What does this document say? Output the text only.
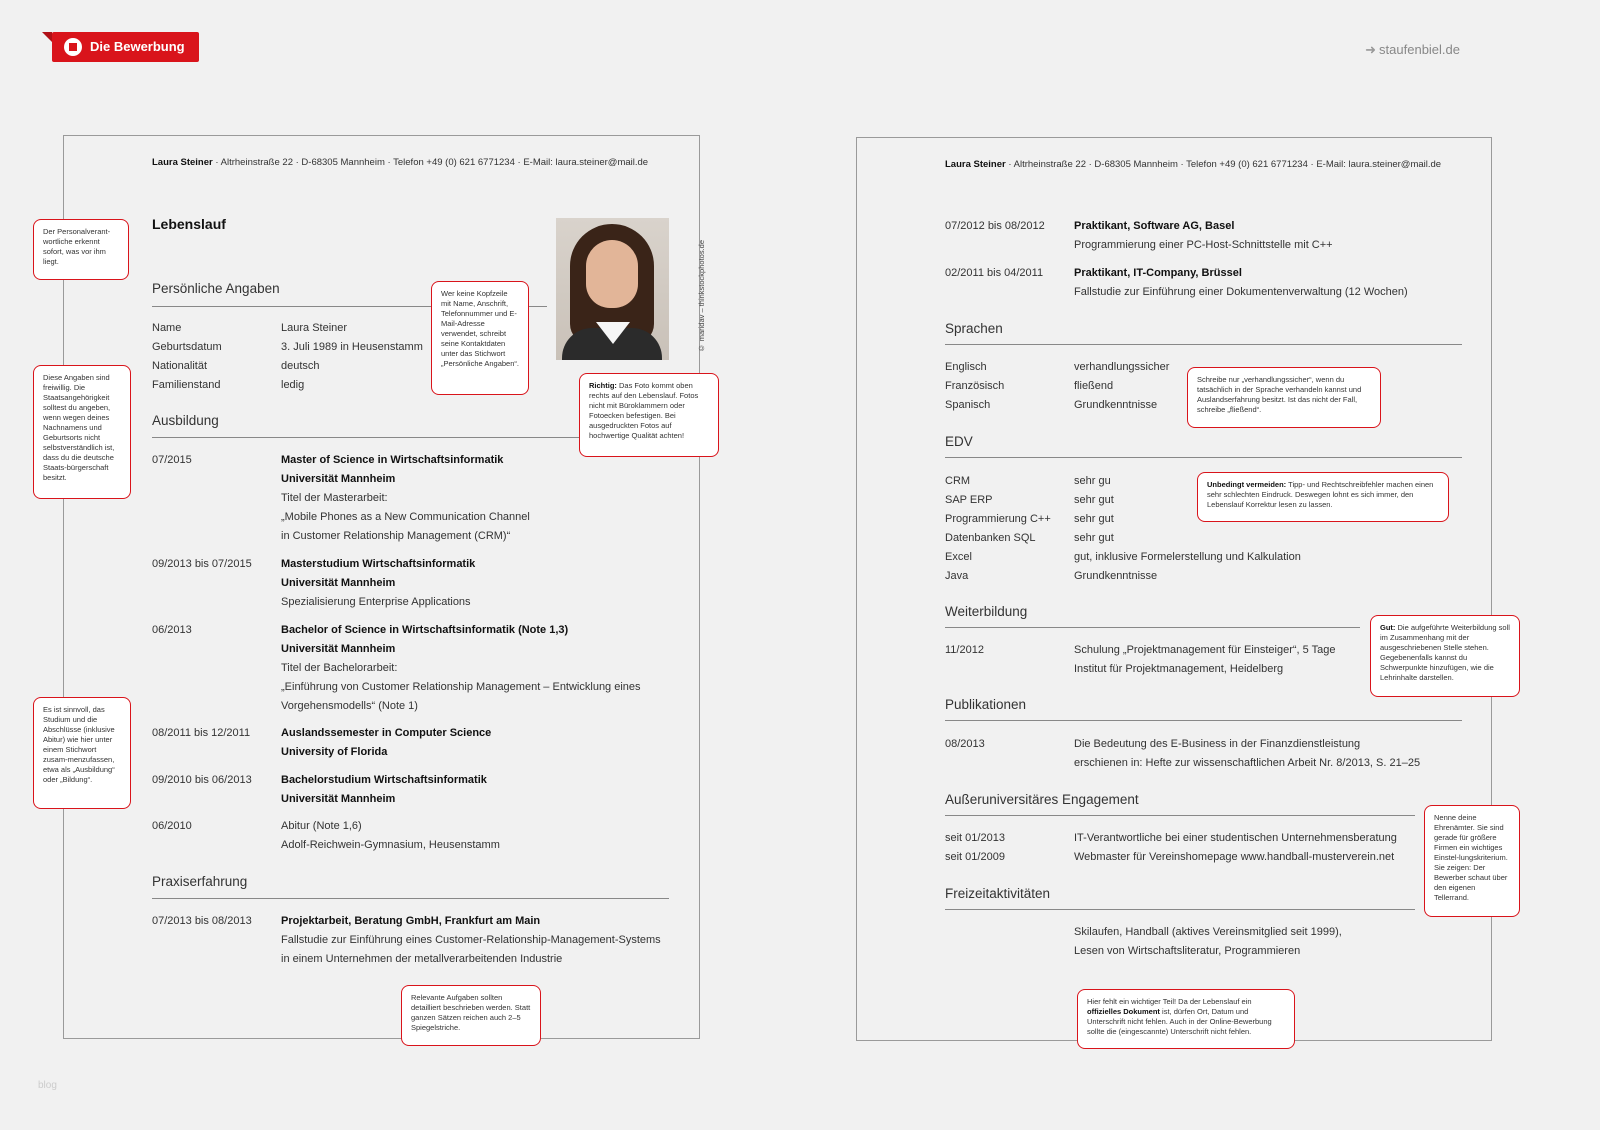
Die Bewerbung	➜ staufenbiel.de
blog
Laura Steiner · Altrheinstraße 22 · D-68305 Mannheim · Telefon +49 (0) 621 6771234 · E-Mail: laura.steiner@mail.de
Lebenslauf
© maridav – thinkstockphotos.de
Persönliche Angaben
Name	Laura Steiner
Geburtsdatum	3. Juli 1989 in Heusenstamm
Nationalität	deutsch
Familienstand	ledig
Ausbildung
07/2015	Master of Science in Wirtschaftsinformatik
Universität Mannheim
Titel der Masterarbeit:
„Mobile Phones as a New Communication Channel
in Customer Relationship Management (CRM)“
09/2013 bis 07/2015	Masterstudium Wirtschaftsinformatik
Universität Mannheim
Spezialisierung Enterprise Applications
06/2013	Bachelor of Science in Wirtschaftsinformatik (Note 1,3)
Universität Mannheim
Titel der Bachelorarbeit:
„Einführung von Customer Relationship Management – Entwicklung eines
Vorgehensmodells“ (Note 1)
08/2011 bis 12/2011	Auslandssemester in Computer Science
University of Florida
09/2010 bis 06/2013	Bachelorstudium Wirtschaftsinformatik
Universität Mannheim
06/2010	Abitur (Note 1,6)
Adolf-Reichwein-Gymnasium, Heusenstamm
Praxiserfahrung
07/2013 bis 08/2013	Projektarbeit, Beratung GmbH, Frankfurt am Main
Fallstudie zur Einführung eines Customer-Relationship-Management-Systems
in einem Unternehmen der metallverarbeitenden Industrie
Der Personalverant-wortliche erkennt sofort, was vor ihm liegt.
Diese Angaben sind freiwillig. Die Staatsangehörigkeit solltest du angeben, wenn wegen deines Nachnamens und Geburtsorts nicht selbstverständlich ist, dass du die deutsche Staats-bürgerschaft besitzt.
Es ist sinnvoll, das Studium und die Abschlüsse (inklusive Abitur) wie hier unter einem Stichwort zusam-menzufassen, etwa als „Ausbildung“ oder „Bildung“.
Wer keine Kopfzeile mit Name, Anschrift, Telefonnummer und E-Mail-Adresse verwendet, schreibt seine Kontaktdaten unter das Stichwort „Persönliche Angaben“.
Richtig: Das Foto kommt oben rechts auf den Lebenslauf. Fotos nicht mit Büroklammern oder Fotoecken befestigen. Bei ausgedruckten Fotos auf hochwertige Qualität achten!
Relevante Aufgaben sollten detailliert beschrieben werden. Statt ganzen Sätzen reichen auch 2–5 Spiegelstriche.
Laura Steiner · Altrheinstraße 22 · D-68305 Mannheim · Telefon +49 (0) 621 6771234 · E-Mail: laura.steiner@mail.de
07/2012 bis 08/2012	Praktikant, Software AG, Basel
Programmierung einer PC-Host-Schnittstelle mit C++
02/2011 bis 04/2011	Praktikant, IT-Company, Brüssel
Fallstudie zur Einführung einer Dokumentenverwaltung (12 Wochen)
Sprachen
Englisch	verhandlungssicher
Französisch	fließend
Spanisch	Grundkenntnisse
EDV
CRM	sehr gu
SAP ERP	sehr gut
Programmierung C++	sehr gut
Datenbanken SQL	sehr gut
Excel	gut, inklusive Formelerstellung und Kalkulation
Java	Grundkenntnisse
Weiterbildung
11/2012	Schulung „Projektmanagement für Einsteiger“, 5 Tage
Institut für Projektmanagement, Heidelberg
Publikationen
08/2013	Die Bedeutung des E-Business in der Finanzdienstleistung
erschienen in: Hefte zur wissenschaftlichen Arbeit Nr. 8/2013, S. 21–25
Außeruniversitäres Engagement
seit 01/2013	IT-Verantwortliche bei einer studentischen Unternehmensberatung
seit 01/2009	Webmaster für Vereinshomepage www.handball-musterverein.net
Freizeitaktivitäten
Skilaufen, Handball (aktives Vereinsmitglied seit 1999),
Lesen von Wirtschaftsliteratur, Programmieren
Schreibe nur „verhandlungssicher“, wenn du tatsächlich in der Sprache verhandeln kannst und Auslandserfahrung besitzt. Ist das nicht der Fall, schreibe „fließend“.
Unbedingt vermeiden: Tipp- und Rechtschreibfehler machen einen sehr schlechten Eindruck. Deswegen lohnt es sich immer, den Lebenslauf Korrektur lesen zu lassen.
Gut: Die aufgeführte Weiterbildung soll im Zusammenhang mit der ausgeschriebenen Stelle stehen. Gegebenenfalls kannst du Schwerpunkte hinzufügen, wie die Lehrinhalte darstellen.
Nenne deine Ehrenämter. Sie sind gerade für größere Firmen ein wichtiges Einstel-lungskriterium. Sie zeigen: Der Bewerber schaut über den eigenen Tellerrand.
Hier fehlt ein wichtiger Teil! Da der Lebenslauf ein offizielles Dokument ist, dürfen Ort, Datum und Unterschrift nicht fehlen. Auch in der Online-Bewerbung sollte die (eingescannte) Unterschrift nicht fehlen.
